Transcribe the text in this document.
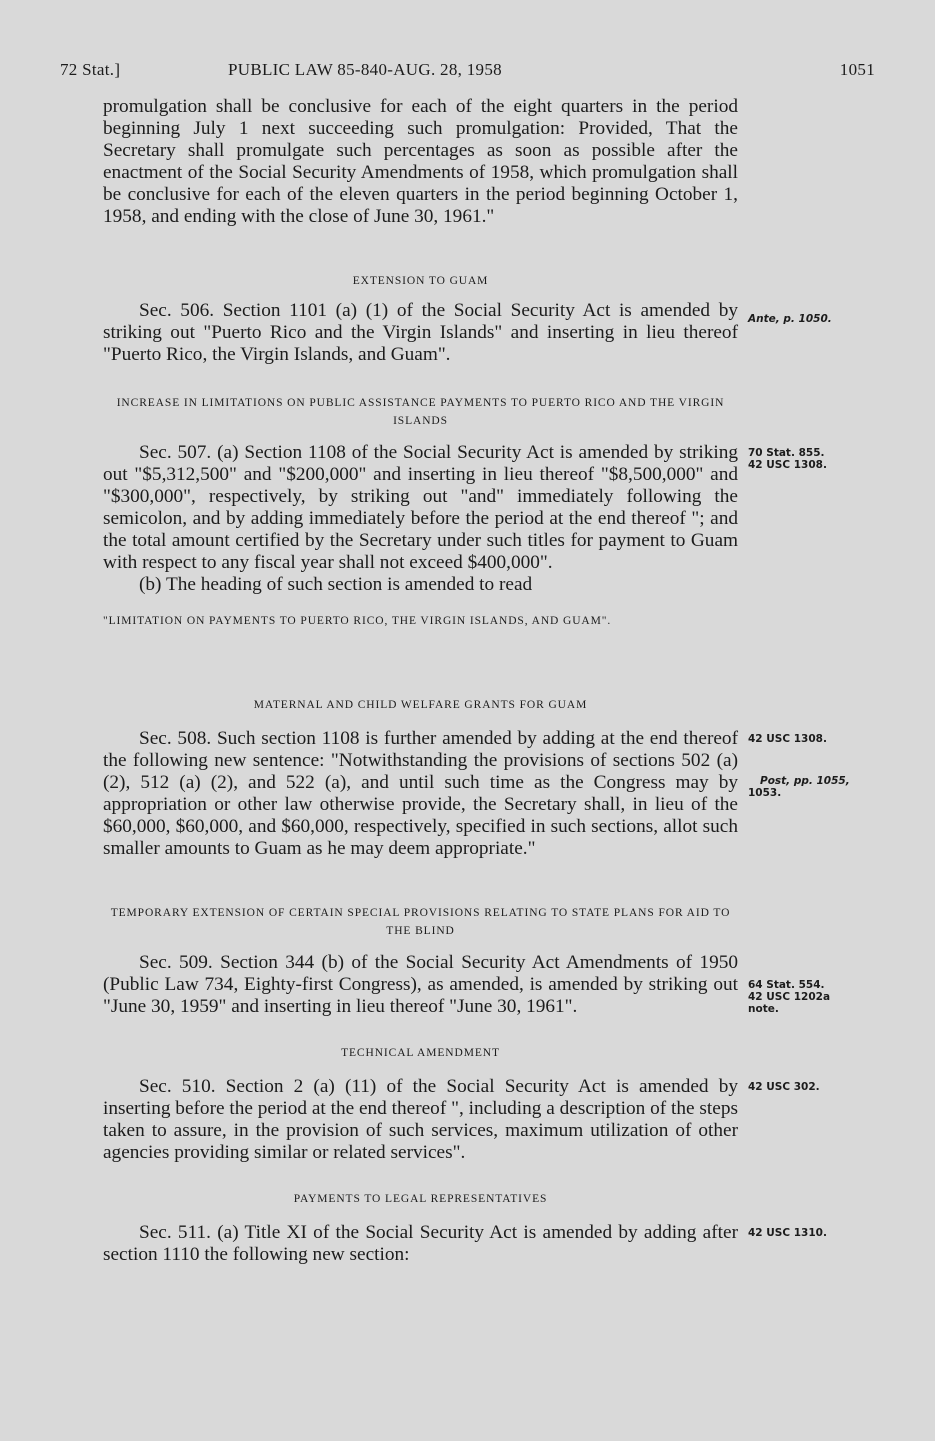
72 Stat.]	PUBLIC LAW 85-840-AUG. 28, 1958	1051

promulgation shall be conclusive for each of the eight quarters in the period beginning July 1 next succeeding such promulgation: Provided, That the Secretary shall promulgate such percentages as soon as possible after the enactment of the Social Security Amendments of 1958, which promulgation shall be conclusive for each of the eleven quarters in the period beginning October 1, 1958, and ending with the close of June 30, 1961."

EXTENSION TO GUAM

Sec. 506. Section 1101 (a) (1) of the Social Security Act is amended by striking out "Puerto Rico and the Virgin Islands" and inserting in lieu thereof "Puerto Rico, the Virgin Islands, and Guam".

INCREASE IN LIMITATIONS ON PUBLIC ASSISTANCE PAYMENTS TO PUERTO RICO AND THE VIRGIN ISLANDS

Sec. 507. (a) Section 1108 of the Social Security Act is amended by striking out "$5,312,500" and "$200,000" and inserting in lieu thereof "$8,500,000" and "$300,000", respectively, by striking out "and" immediately following the semicolon, and by adding immediately before the period at the end thereof "; and the total amount certified by the Secretary under such titles for payment to Guam with respect to any fiscal year shall not exceed $400,000".

(b) The heading of such section is amended to read

"LIMITATION ON PAYMENTS TO PUERTO RICO, THE VIRGIN ISLANDS, AND GUAM".

MATERNAL AND CHILD WELFARE GRANTS FOR GUAM

Sec. 508. Such section 1108 is further amended by adding at the end thereof the following new sentence: "Notwithstanding the provisions of sections 502 (a) (2), 512 (a) (2), and 522 (a), and until such time as the Congress may by appropriation or other law otherwise provide, the Secretary shall, in lieu of the $60,000, $60,000, and $60,000, respectively, specified in such sections, allot such smaller amounts to Guam as he may deem appropriate."

TEMPORARY EXTENSION OF CERTAIN SPECIAL PROVISIONS RELATING TO STATE PLANS FOR AID TO THE BLIND

Sec. 509. Section 344 (b) of the Social Security Act Amendments of 1950 (Public Law 734, Eighty-first Congress), as amended, is amended by striking out "June 30, 1959" and inserting in lieu thereof "June 30, 1961".

TECHNICAL AMENDMENT

Sec. 510. Section 2 (a) (11) of the Social Security Act is amended by inserting before the period at the end thereof ", including a description of the steps taken to assure, in the provision of such services, maximum utilization of other agencies providing similar or related services".

PAYMENTS TO LEGAL REPRESENTATIVES

Sec. 511. (a) Title XI of the Social Security Act is amended by adding after section 1110 the following new section:

Ante, p. 1050.
70 Stat. 855.
42 USC 1308.
42 USC 1308.
Post, pp. 1055,
1053.
64 Stat. 554.
42 USC 1202a
note.
42 USC 302.
42 USC 1310.
